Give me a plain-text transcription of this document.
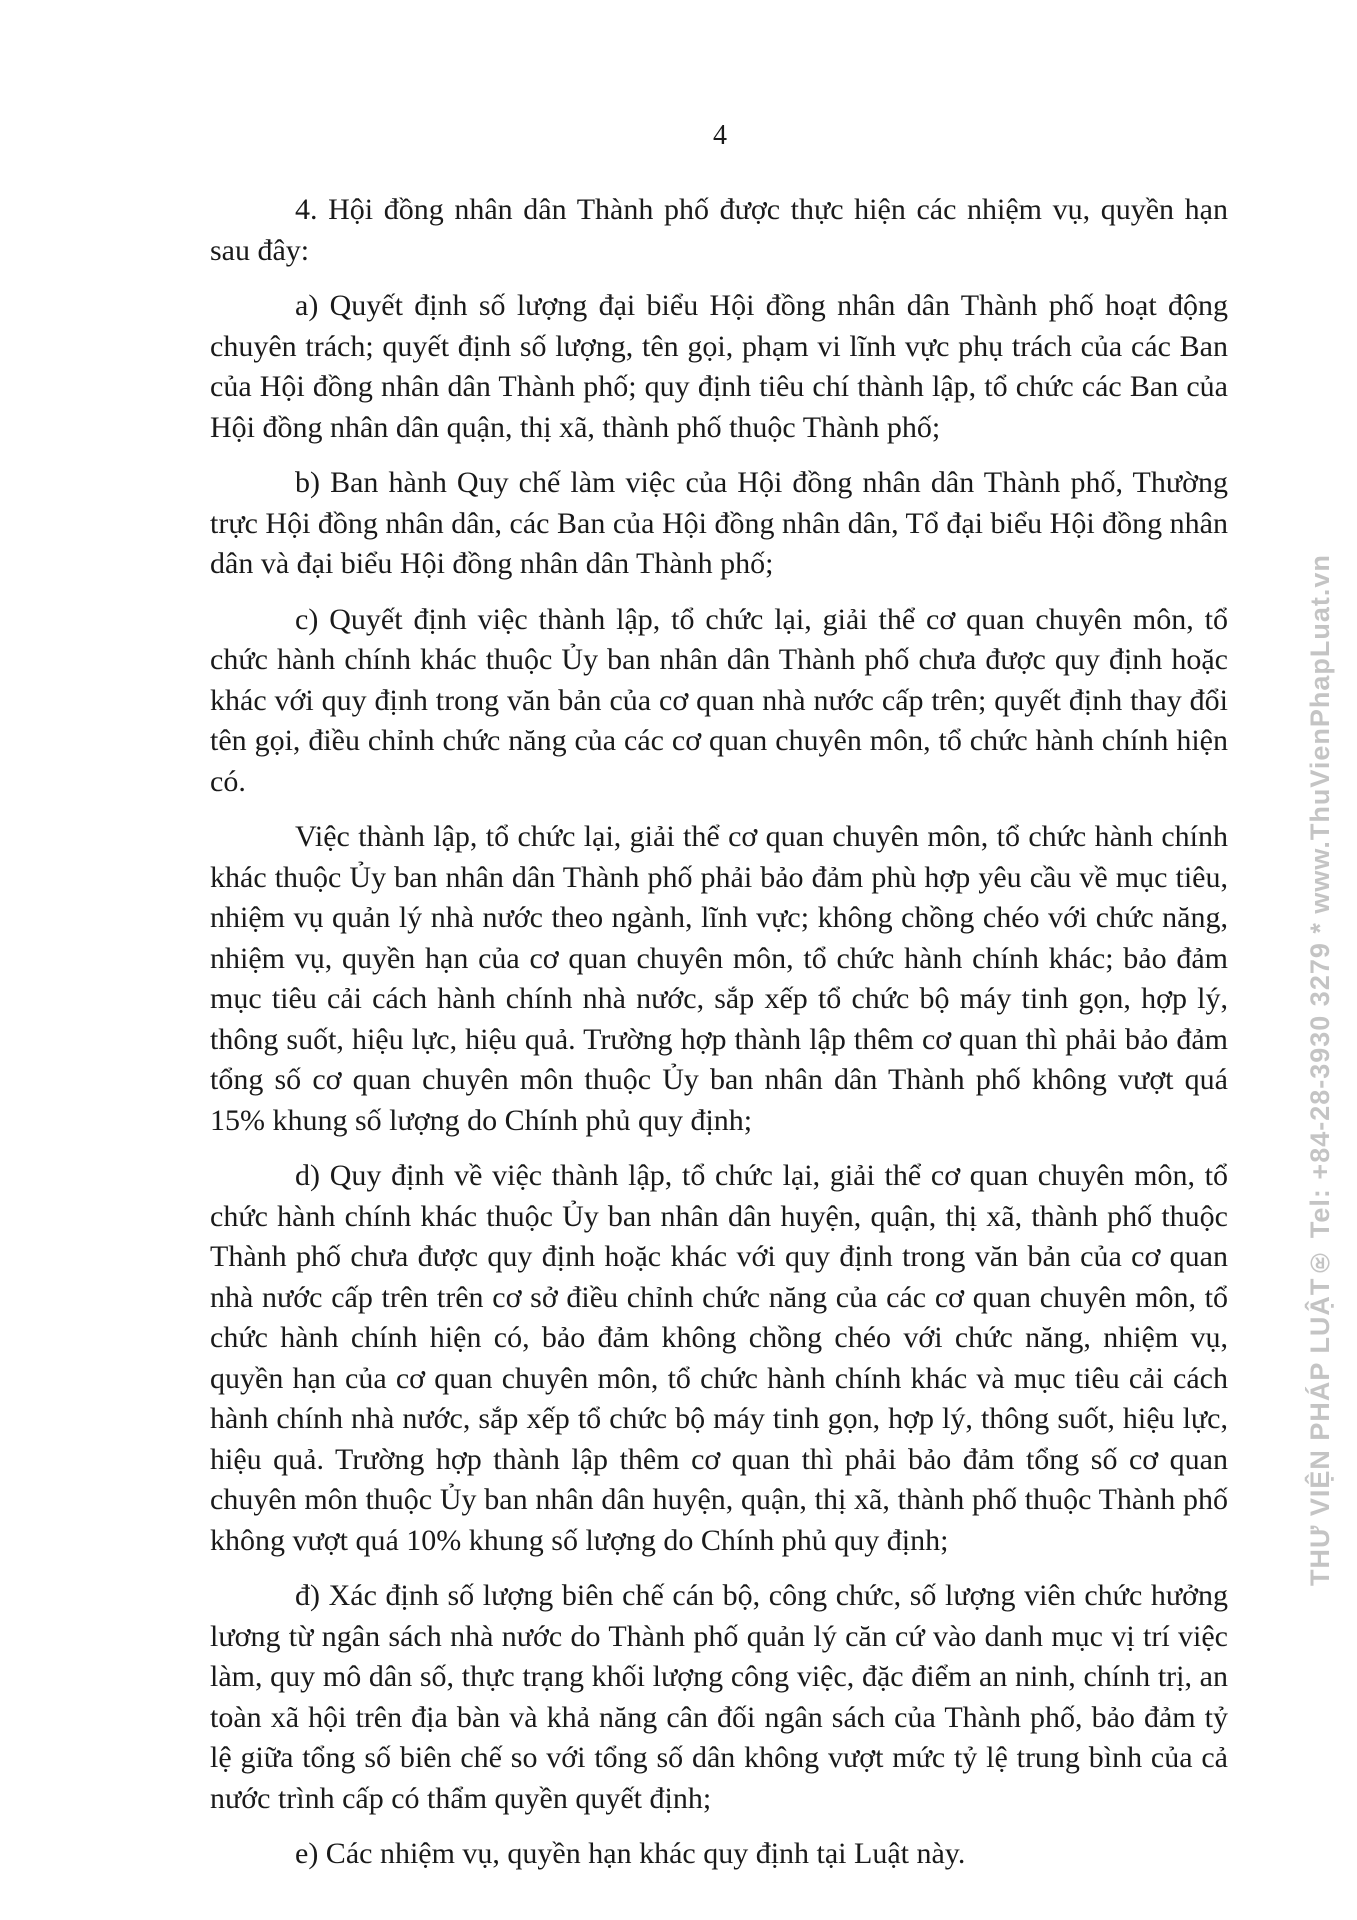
4

4. Hội đồng nhân dân Thành phố được thực hiện các nhiệm vụ, quyền hạn sau đây:

a) Quyết định số lượng đại biểu Hội đồng nhân dân Thành phố hoạt động chuyên trách; quyết định số lượng, tên gọi, phạm vi lĩnh vực phụ trách của các Ban của Hội đồng nhân dân Thành phố; quy định tiêu chí thành lập, tổ chức các Ban của Hội đồng nhân dân quận, thị xã, thành phố thuộc Thành phố;

b) Ban hành Quy chế làm việc của Hội đồng nhân dân Thành phố, Thường trực Hội đồng nhân dân, các Ban của Hội đồng nhân dân, Tổ đại biểu Hội đồng nhân dân và đại biểu Hội đồng nhân dân Thành phố;

c) Quyết định việc thành lập, tổ chức lại, giải thể cơ quan chuyên môn, tổ chức hành chính khác thuộc Ủy ban nhân dân Thành phố chưa được quy định hoặc khác với quy định trong văn bản của cơ quan nhà nước cấp trên; quyết định thay đổi tên gọi, điều chỉnh chức năng của các cơ quan chuyên môn, tổ chức hành chính hiện có.

Việc thành lập, tổ chức lại, giải thể cơ quan chuyên môn, tổ chức hành chính khác thuộc Ủy ban nhân dân Thành phố phải bảo đảm phù hợp yêu cầu về mục tiêu, nhiệm vụ quản lý nhà nước theo ngành, lĩnh vực; không chồng chéo với chức năng, nhiệm vụ, quyền hạn của cơ quan chuyên môn, tổ chức hành chính khác; bảo đảm mục tiêu cải cách hành chính nhà nước, sắp xếp tổ chức bộ máy tinh gọn, hợp lý, thông suốt, hiệu lực, hiệu quả. Trường hợp thành lập thêm cơ quan thì phải bảo đảm tổng số cơ quan chuyên môn thuộc Ủy ban nhân dân Thành phố không vượt quá 15% khung số lượng do Chính phủ quy định;

d) Quy định về việc thành lập, tổ chức lại, giải thể cơ quan chuyên môn, tổ chức hành chính khác thuộc Ủy ban nhân dân huyện, quận, thị xã, thành phố thuộc Thành phố chưa được quy định hoặc khác với quy định trong văn bản của cơ quan nhà nước cấp trên trên cơ sở điều chỉnh chức năng của các cơ quan chuyên môn, tổ chức hành chính hiện có, bảo đảm không chồng chéo với chức năng, nhiệm vụ, quyền hạn của cơ quan chuyên môn, tổ chức hành chính khác và mục tiêu cải cách hành chính nhà nước, sắp xếp tổ chức bộ máy tinh gọn, hợp lý, thông suốt, hiệu lực, hiệu quả. Trường hợp thành lập thêm cơ quan thì phải bảo đảm tổng số cơ quan chuyên môn thuộc Ủy ban nhân dân huyện, quận, thị xã, thành phố thuộc Thành phố không vượt quá 10% khung số lượng do Chính phủ quy định;

đ) Xác định số lượng biên chế cán bộ, công chức, số lượng viên chức hưởng lương từ ngân sách nhà nước do Thành phố quản lý căn cứ vào danh mục vị trí việc làm, quy mô dân số, thực trạng khối lượng công việc, đặc điểm an ninh, chính trị, an toàn xã hội trên địa bàn và khả năng cân đối ngân sách của Thành phố, bảo đảm tỷ lệ giữa tổng số biên chế so với tổng số dân không vượt mức tỷ lệ trung bình của cả nước trình cấp có thẩm quyền quyết định;

e) Các nhiệm vụ, quyền hạn khác quy định tại Luật này.

THƯ VIỆN PHÁP LUẬT® Tel: +84-28-3930 3279 * www.ThuVienPhapLuat.vn
